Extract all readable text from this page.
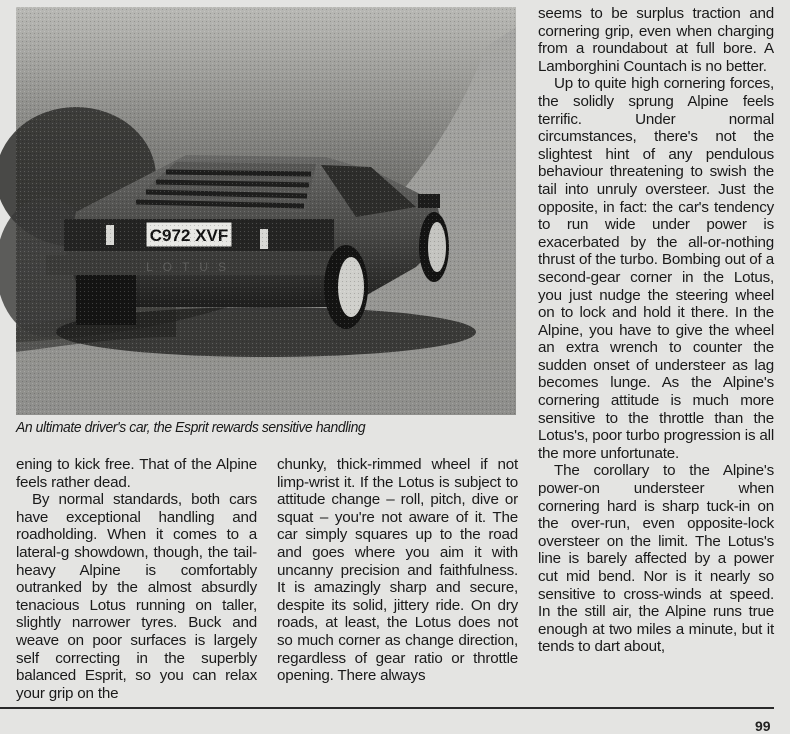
An ultimate driver's car, the Esprit rewards sensitive handling

ening to kick free. That of the Alpine feels rather dead.

By normal standards, both cars have exceptional handling and roadholding. When it comes to a lateral-g showdown, though, the tail-heavy Alpine is comfortably outranked by the almost absurdly tenacious Lotus running on taller, slightly narrower tyres. Buck and weave on poor surfaces is largely self correcting in the superbly balanced Esprit, so you can relax your grip on the

chunky, thick-rimmed wheel if not limp-wrist it. If the Lotus is subject to attitude change – roll, pitch, dive or squat – you're not aware of it. The car simply squares up to the road and goes where you aim it with uncanny precision and faithfulness. It is amazingly sharp and secure, despite its solid, jittery ride. On dry roads, at least, the Lotus does not so much corner as change direction, regardless of gear ratio or throttle opening. There always

seems to be surplus traction and cornering grip, even when charging from a roundabout at full bore. A Lamborghini Countach is no better.

Up to quite high cornering forces, the solidly sprung Alpine feels terrific. Under normal circumstances, there's not the slightest hint of any pendulous behaviour threatening to swish the tail into unruly oversteer. Just the opposite, in fact: the car's tendency to run wide under power is exacerbated by the all-or-nothing thrust of the turbo. Bombing out of a second-gear corner in the Lotus, you just nudge the steering wheel on to lock and hold it there. In the Alpine, you have to give the wheel an extra wrench to counter the sudden onset of understeer as lag becomes lunge. As the Alpine's cornering attitude is much more sensitive to the throttle than the Lotus's, poor turbo progression is all the more unfortunate.

The corollary to the Alpine's power-on understeer when cornering hard is sharp tuck-in on the over-run, even opposite-lock oversteer on the limit. The Lotus's line is barely affected by a power cut mid bend. Nor is it nearly so sensitive to cross-winds at speed. In the still air, the Alpine runs true enough at two miles a minute, but it tends to dart about,

99
